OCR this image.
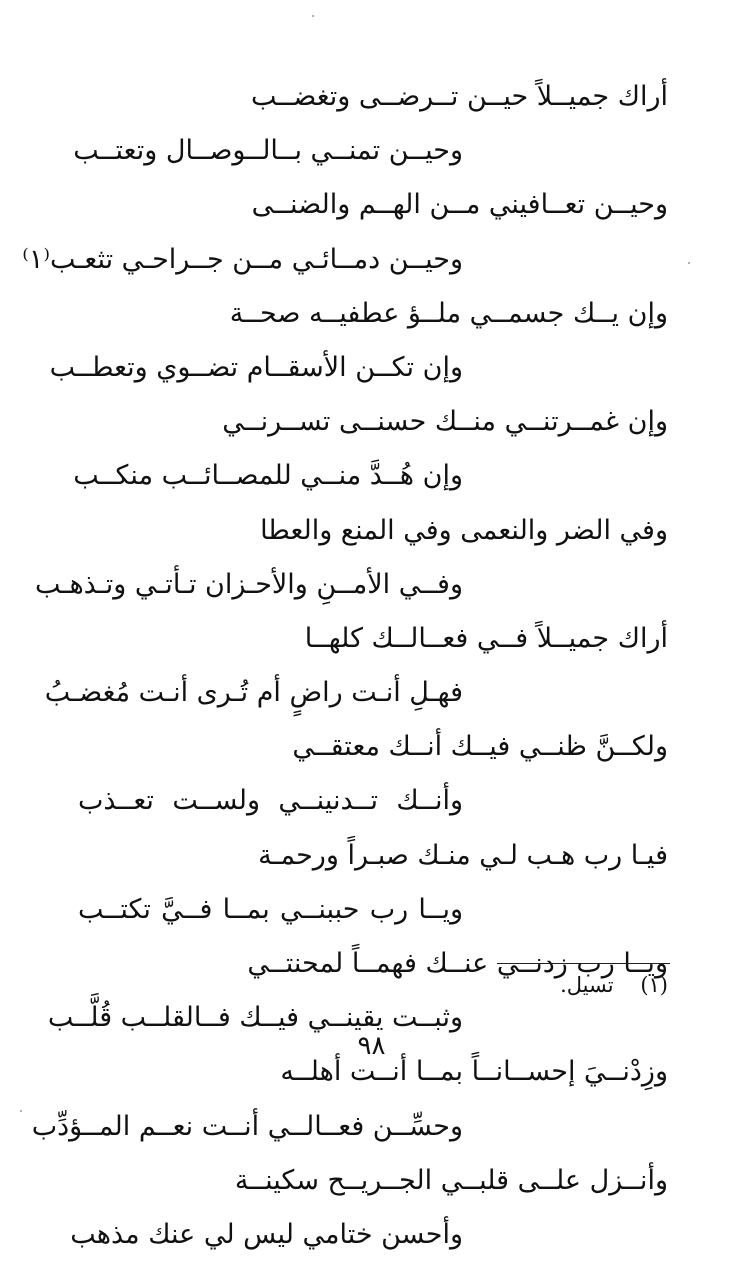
أراك جميــلاً حيــن تــرضــى وتغضــب
وحيــن تمنــي بــالــوصــال وتعتــب
وحيــن تعــافيني مــن الهــم والضنــى
وحيــن دمــائـي مــن جــراحـي تثعـب⁽١⁾
وإن يــك جسمــي ملــؤ عطفيــه صحــة
وإن تكــن الأسقــام تضــوي وتعطــب
وإن غمــرتنــي منــك حسنــى تســرنــي
وإن هُــدَّ منــي للمصــائــب منكــب
وفي الضر والنعمى وفي المنع والعطا
وفــي الأمــنِ والأحـزان تـأتـي وتـذهـب
أراك جميــلاً فــي فعــالــك كلهــا
فهـلِ أنـت راضٍ أم تُـرى أنـت مُغضـبُ
ولكــنَّ ظنــي فيــك أنــك معتقــي
وأنــك تــدنينــي ولســت تعــذب
فيـا رب هـب لـي منـك صبـراً ورحمـة
ويــا رب حببنــي بمــا فــيَّ تكتــب
ويــا رب زدنــي عنــك فهمــاً لمحنتــي
وثبــت يقينــي فيــك فــالقلــب قُلَّــب
وزِدْنــيَ إحســانــاً بمــا أنــت أهلــه
وحسِّــن فعــالــي أنــت نعــم المــؤدِّب
وأنــزل علــى قلبــي الجــريــح سكينــة
وأحسن ختامي ليس لي عنك مذهب
(١)    تسيل.
٩٨
